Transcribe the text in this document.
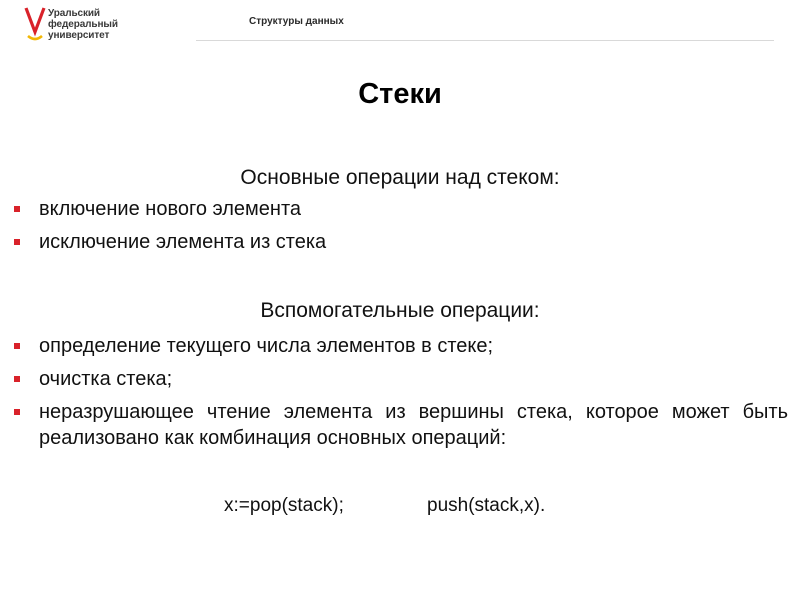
Уральский
федеральный
университет
Структуры данных
Стеки
Основные операции над стеком:
включение нового элемента
исключение элемента из стека
Вспомогательные операции:
определение текущего числа элементов в стеке;
очистка стека;
неразрушающее чтение элемента из вершины стека, которое может быть реализовано как комбинация основных операций:
x:=pop(stack);	push(stack,x).
